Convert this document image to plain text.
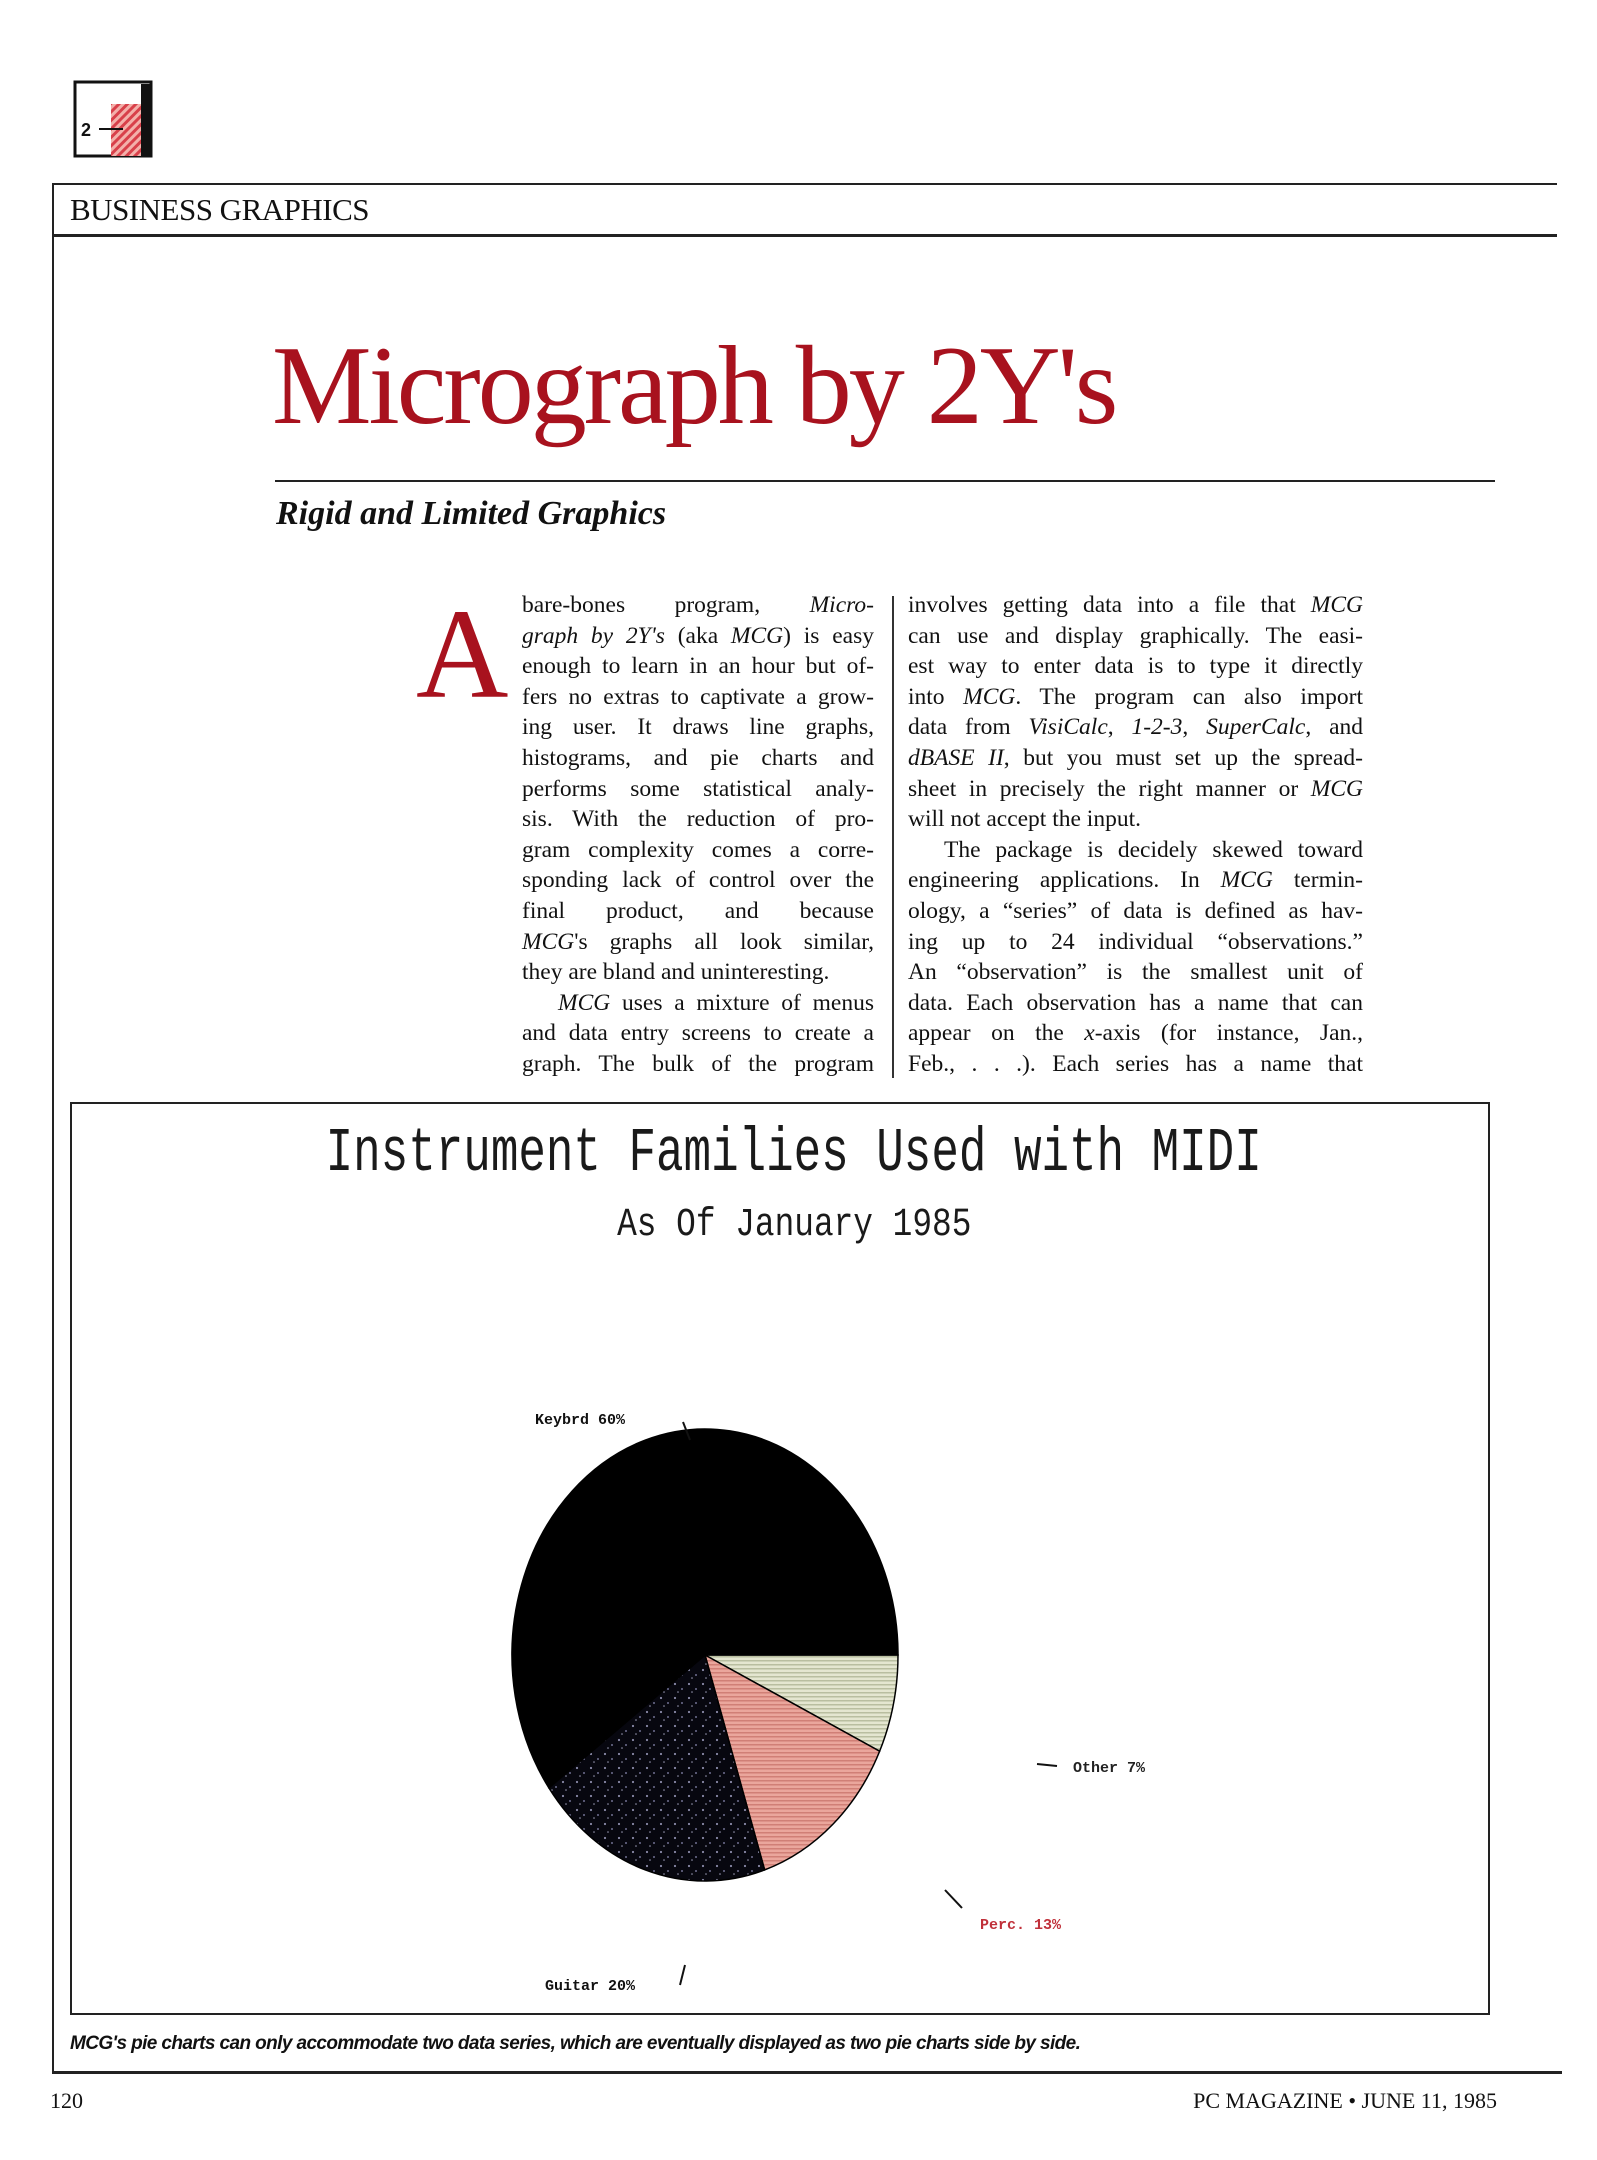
2
BUSINESS GRAPHICS
Micrograph by 2Y's
Rigid and Limited Graphics
A bare-bones program, Micro-
graph by 2Y's (aka MCG) is easy
enough to learn in an hour but of-
fers no extras to captivate a grow-
ing user. It draws line graphs,
histograms, and pie charts and
performs some statistical analy-
sis. With the reduction of pro-
gram complexity comes a corre-
sponding lack of control over the
final product, and because
MCG's graphs all look similar,
they are bland and uninteresting.
MCG uses a mixture of menus
and data entry screens to create a
graph. The bulk of the program
involves getting data into a file that MCG
can use and display graphically. The easi-
est way to enter data is to type it directly
into MCG. The program can also import
data from VisiCalc, 1-2-3, SuperCalc, and
dBASE II, but you must set up the spread-
sheet in precisely the right manner or MCG
will not accept the input.
The package is decidely skewed toward
engineering applications. In MCG termin-
ology, a “series” of data is defined as hav-
ing up to 24 individual “observations.”
An “observation” is the smallest unit of
data. Each observation has a name that can
appear on the x-axis (for instance, Jan.,
Feb., . . .). Each series has a name that
Instrument Families Used with MIDI
As Of January 1985
Other 7%
Perc. 13%
Guitar 20%
Keybrd 60%
MCG's pie charts can only accommodate two data series, which are eventually displayed as two pie charts side by side.
120	PC MAGAZINE • JUNE 11, 1985
